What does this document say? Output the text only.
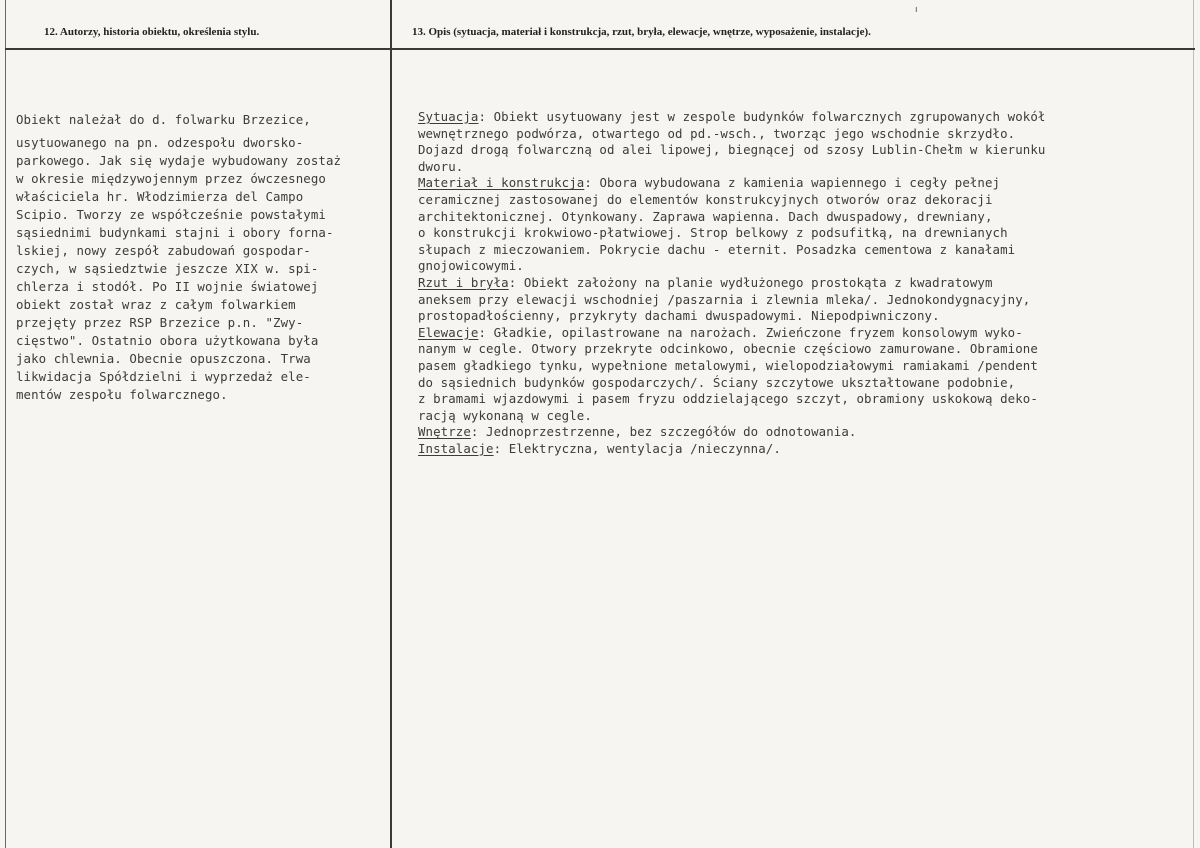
ı
12. Autorzy, historia obiektu, określenia stylu.	13. Opis (sytuacja, materiał i konstrukcja, rzut, bryła, elewacje, wnętrze, wyposażenie, instalacje).
Obiekt należał do d. folwarku Brzezice,
usytuowanego na pn. odzespołu dworsko-
parkowego. Jak się wydaje wybudowany zostaż
w okresie międzywojennym przez ówczesnego
właściciela hr. Włodzimierza del Campo
Scipio. Tworzy ze współcześnie powstałymi
sąsiednimi budynkami stajni i obory forna-
lskiej, nowy zespół zabudowań gospodar-
czych, w sąsiedztwie jeszcze XIX w. spi-
chlerza i stodół. Po II wojnie światowej
obiekt został wraz z całym folwarkiem
przejęty przez RSP Brzezice p.n. "Zwy-
cięstwo". Ostatnio obora użytkowana była
jako chlewnia. Obecnie opuszczona. Trwa
likwidacja Spółdzielni i wyprzedaż ele-
mentów zespołu folwarcznego.
Sytuacja: Obiekt usytuowany jest w zespole budynków folwarcznych zgrupowanych wokół
wewnętrznego podwórza, otwartego od pd.-wsch., tworząc jego wschodnie skrzydło.
Dojazd drogą folwarczną od alei lipowej, biegnącej od szosy Lublin-Chełm w kierunku
dworu.
Materiał i konstrukcja: Obora wybudowana z kamienia wapiennego i cegły pełnej
ceramicznej zastosowanej do elementów konstrukcyjnych otworów oraz dekoracji
architektonicznej. Otynkowany. Zaprawa wapienna. Dach dwuspadowy, drewniany,
o konstrukcji krokwiowo-płatwiowej. Strop belkowy z podsufitką, na drewnianych
słupach z mieczowaniem. Pokrycie dachu - eternit. Posadzka cementowa z kanałami
gnojowicowymi.
Rzut i bryła: Obiekt założony na planie wydłużonego prostokąta z kwadratowym
aneksem przy elewacji wschodniej /paszarnia i zlewnia mleka/. Jednokondygnacyjny,
prostopadłościenny, przykryty dachami dwuspadowymi. Niepodpiwniczony.
Elewacje: Gładkie, opilastrowane na narożach. Zwieńczone fryzem konsolowym wyko-
nanym w cegle. Otwory przekryte odcinkowo, obecnie częściowo zamurowane. Obramione
pasem gładkiego tynku, wypełnione metalowymi, wielopodziałowymi ramiakami /pendent
do sąsiednich budynków gospodarczych/. Ściany szczytowe ukształtowane podobnie,
z bramami wjazdowymi i pasem fryzu oddzielającego szczyt, obramiony uskokową deko-
racją wykonaną w cegle.
Wnętrze: Jednoprzestrzenne, bez szczegółów do odnotowania.
Instalacje: Elektryczna, wentylacja /nieczynna/.
